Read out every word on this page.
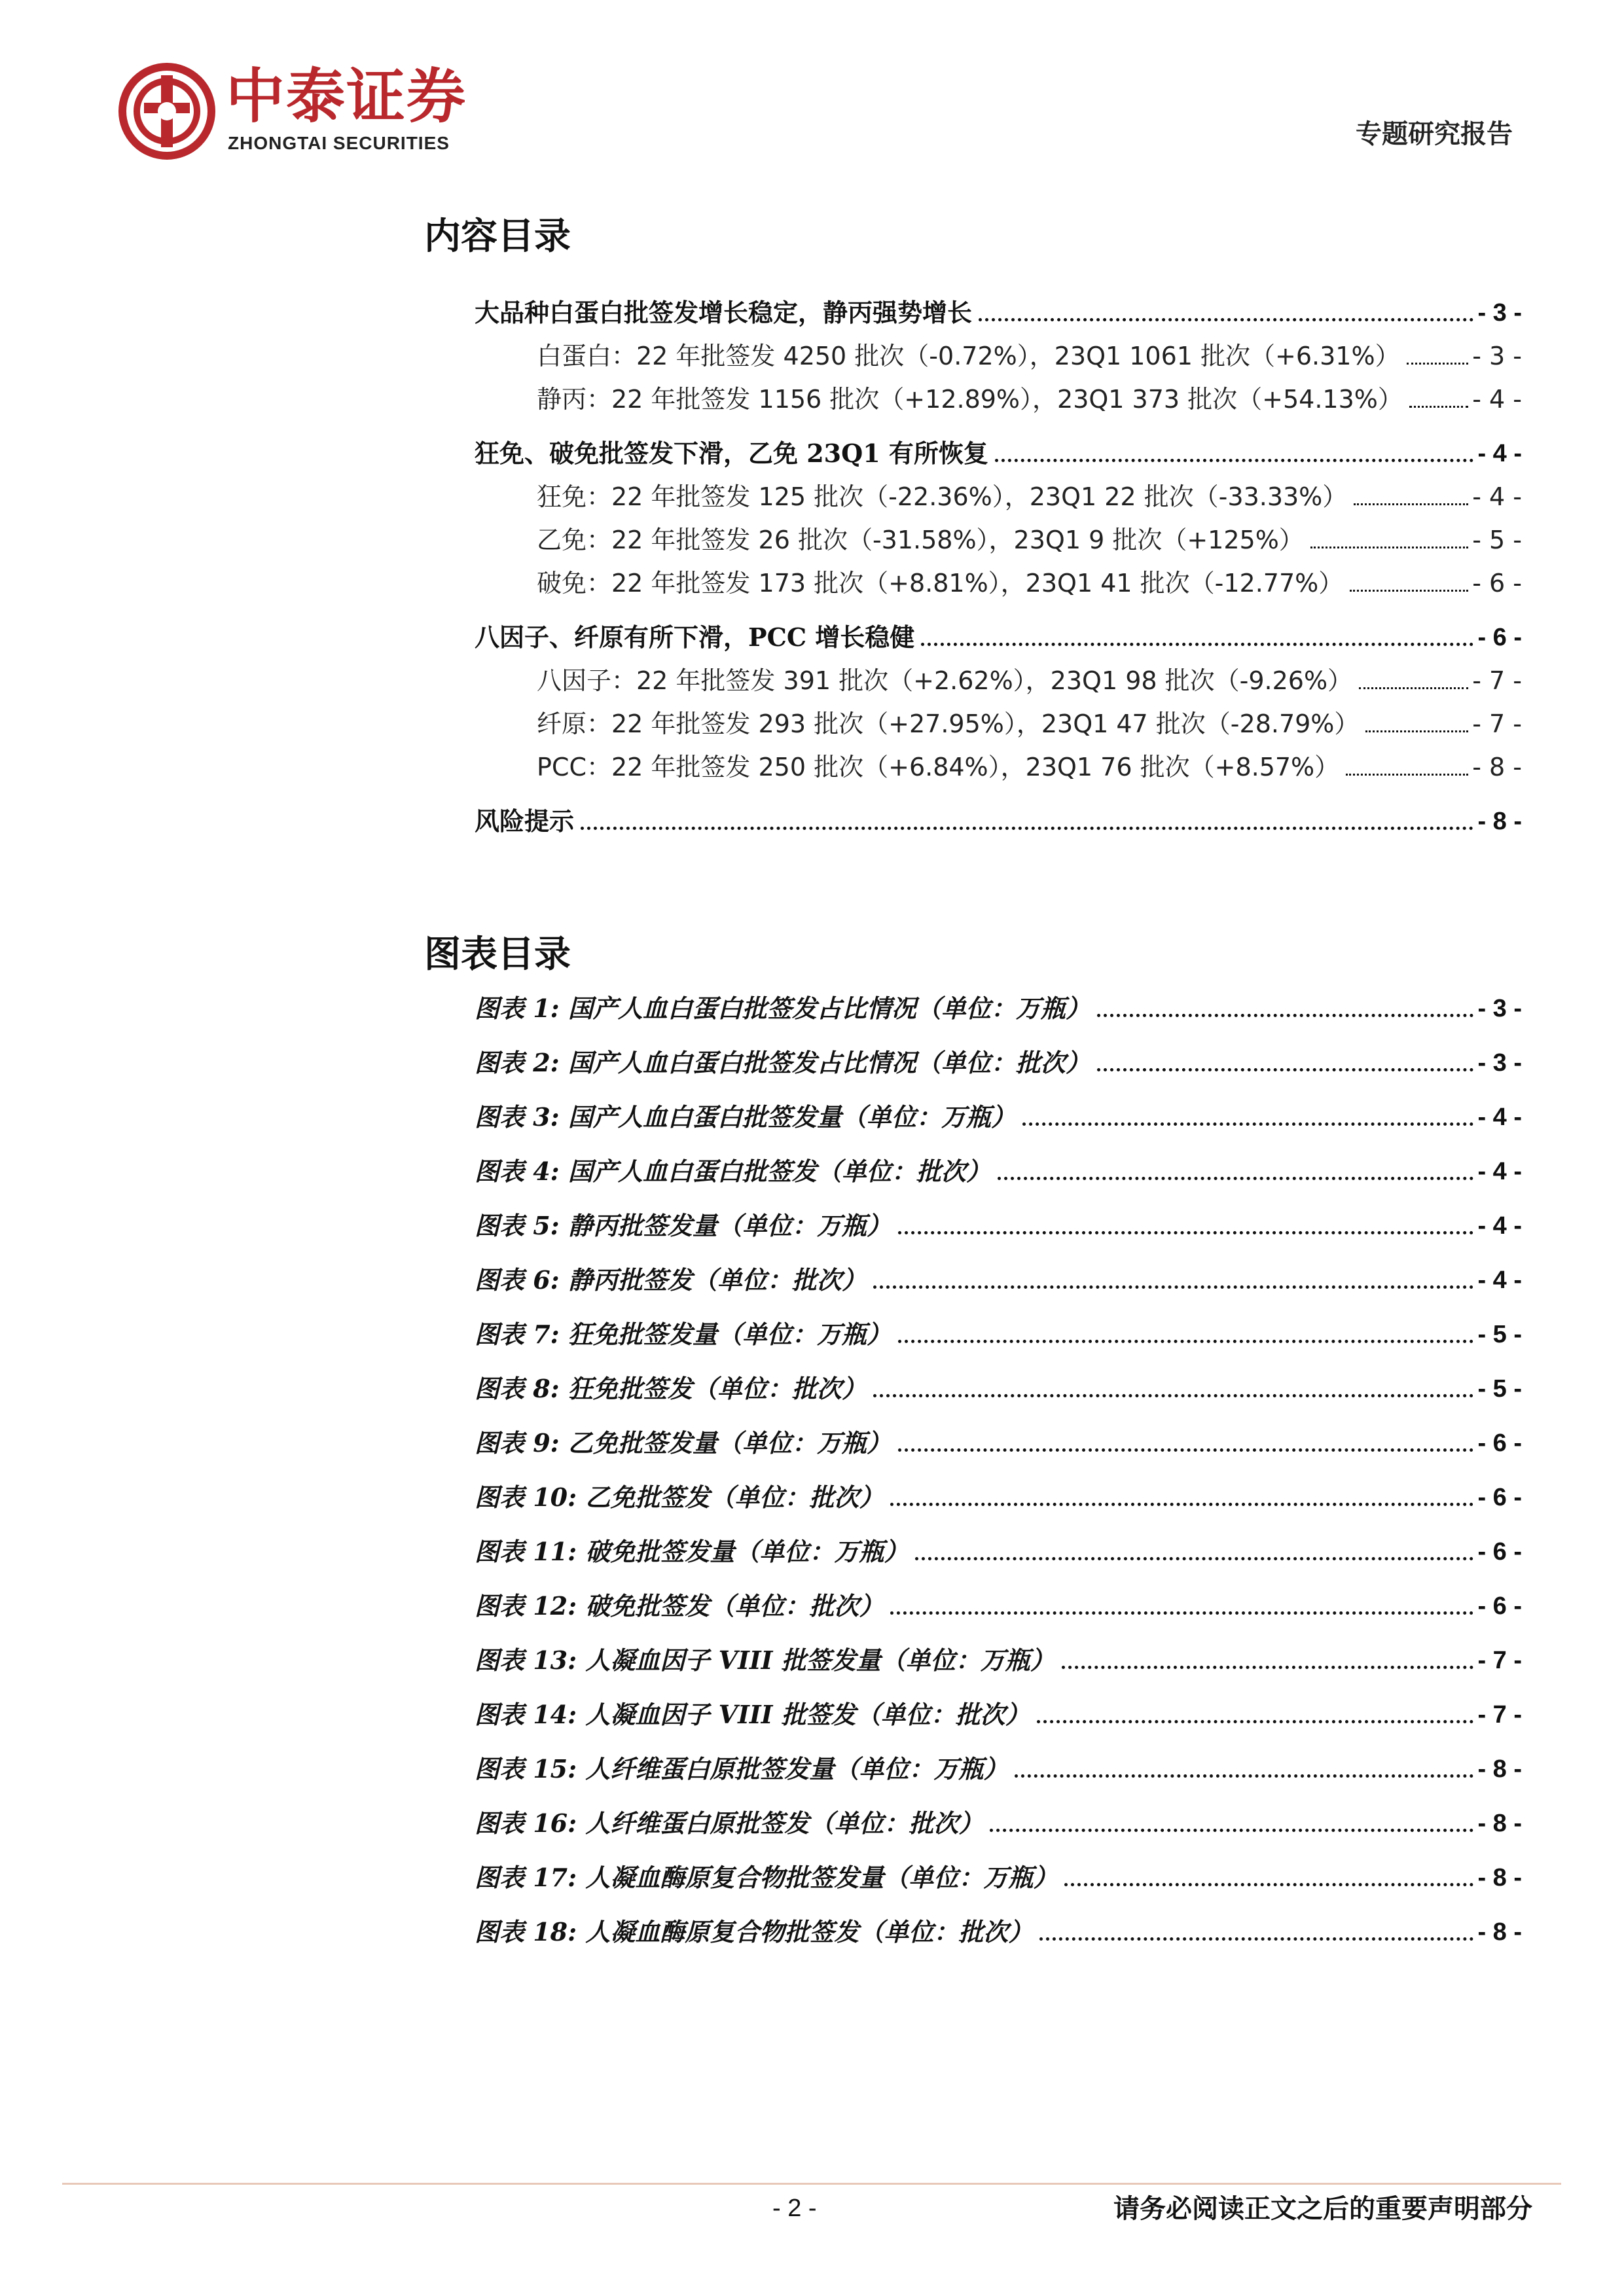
中泰证券
ZHONGTAI SECURITIES	专题研究报告
内容目录
大品种白蛋白批签发增长稳定，静丙强势增长	- 3 -
白蛋白：22 年批签发 4250 批次（-0.72%），23Q1 1061 批次（+6.31%）	- 3 -
静丙：22 年批签发 1156 批次（+12.89%），23Q1 373 批次（+54.13%）	- 4 -
狂免、破免批签发下滑，乙免 23Q1 有所恢复	- 4 -
狂免：22 年批签发 125 批次（-22.36%），23Q1 22 批次（-33.33%）	- 4 -
乙免：22 年批签发 26 批次（-31.58%），23Q1 9 批次（+125%）	- 5 -
破免：22 年批签发 173 批次（+8.81%），23Q1 41 批次（-12.77%）	- 6 -
八因子、纤原有所下滑，PCC 增长稳健	- 6 -
八因子：22 年批签发 391 批次（+2.62%），23Q1 98 批次（-9.26%）	- 7 -
纤原：22 年批签发 293 批次（+27.95%），23Q1 47 批次（-28.79%）	- 7 -
PCC：22 年批签发 250 批次（+6.84%），23Q1 76 批次（+8.57%）	- 8 -
风险提示	- 8 -
图表目录
图表 1: 国产人血白蛋白批签发占比情况（单位：万瓶）	- 3 -
图表 2: 国产人血白蛋白批签发占比情况（单位：批次）	- 3 -
图表 3: 国产人血白蛋白批签发量（单位：万瓶）	- 4 -
图表 4: 国产人血白蛋白批签发（单位：批次）	- 4 -
图表 5: 静丙批签发量（单位：万瓶）	- 4 -
图表 6: 静丙批签发（单位：批次）	- 4 -
图表 7: 狂免批签发量（单位：万瓶）	- 5 -
图表 8: 狂免批签发（单位：批次）	- 5 -
图表 9: 乙免批签发量（单位：万瓶）	- 6 -
图表 10: 乙免批签发（单位：批次）	- 6 -
图表 11: 破免批签发量（单位：万瓶）	- 6 -
图表 12: 破免批签发（单位：批次）	- 6 -
图表 13: 人凝血因子 VIII 批签发量（单位：万瓶）	- 7 -
图表 14: 人凝血因子 VIII 批签发（单位：批次）	- 7 -
图表 15: 人纤维蛋白原批签发量（单位：万瓶）	- 8 -
图表 16: 人纤维蛋白原批签发（单位：批次）	- 8 -
图表 17: 人凝血酶原复合物批签发量（单位：万瓶）	- 8 -
图表 18: 人凝血酶原复合物批签发（单位：批次）	- 8 -
- 2 -	请务必阅读正文之后的重要声明部分
